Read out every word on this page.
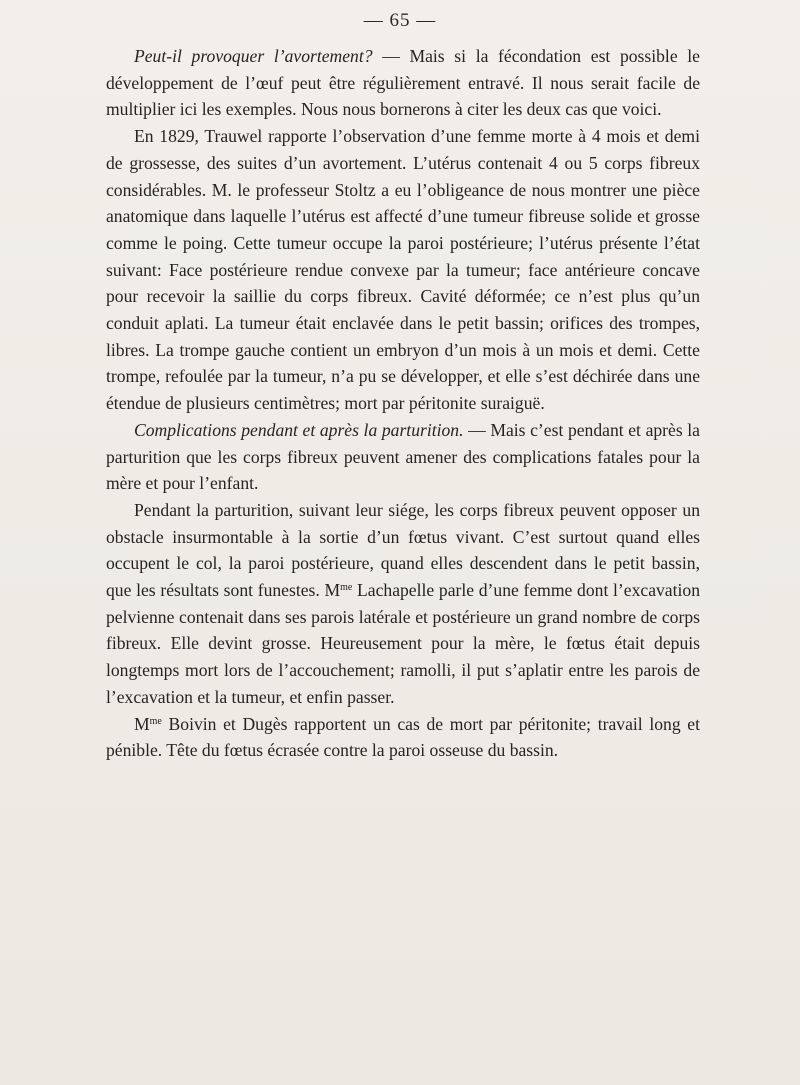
— 65 —

Peut-il provoquer l’avortement? — Mais si la fécondation est possible le développement de l’œuf peut être régulièrement entravé. Il nous serait facile de multiplier ici les exemples. Nous nous bornerons à citer les deux cas que voici.

En 1829, Trauwel rapporte l’observation d’une femme morte à 4 mois et demi de grossesse, des suites d’un avortement. L’utérus contenait 4 ou 5 corps fibreux considérables. M. le professeur Stoltz a eu l’obligeance de nous montrer une pièce anatomique dans laquelle l’utérus est affecté d’une tumeur fibreuse solide et grosse comme le poing. Cette tumeur occupe la paroi postérieure; l’utérus présente l’état suivant: Face postérieure rendue convexe par la tumeur; face antérieure concave pour recevoir la saillie du corps fibreux. Cavité déformée; ce n’est plus qu’un conduit aplati. La tumeur était enclavée dans le petit bassin; orifices des trompes, libres. La trompe gauche contient un embryon d’un mois à un mois et demi. Cette trompe, refoulée par la tumeur, n’a pu se développer, et elle s’est déchirée dans une étendue de plusieurs centimètres; mort par péritonite suraiguë.

Complications pendant et après la parturition. — Mais c’est pendant et après la parturition que les corps fibreux peuvent amener des complications fatales pour la mère et pour l’enfant.

Pendant la parturition, suivant leur siége, les corps fibreux peuvent opposer un obstacle insurmontable à la sortie d’un fœtus vivant. C’est surtout quand elles occupent le col, la paroi postérieure, quand elles descendent dans le petit bassin, que les résultats sont funestes. $M^{me}$ Lachapelle parle d’une femme dont l’excavation pelvienne contenait dans ses parois latérale et postérieure un grand nombre de corps fibreux. Elle devint grosse. Heureusement pour la mère, le fœtus était depuis longtemps mort lors de l’accouchement; ramolli, il put s’aplatir entre les parois de l’excavation et la tumeur, et enfin passer.

$M^{me}$ Boivin et Dugès rapportent un cas de mort par péritonite; travail long et pénible. Tête du fœtus écrasée contre la paroi osseuse du bassin.
